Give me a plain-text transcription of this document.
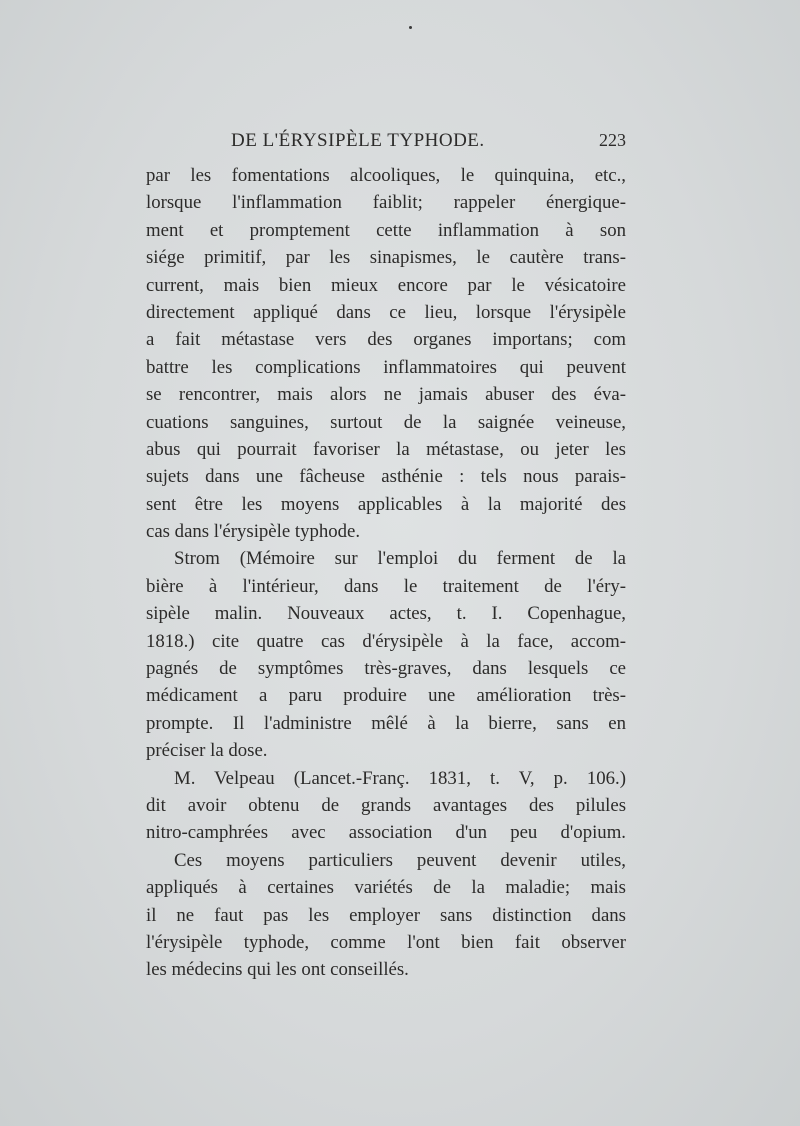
DE L'ÉRYSIPÈLE TYPHODE.	223
par les fomentations alcooliques, le quinquina, etc.,
lorsque l'inflammation faiblit; rappeler énergique-
ment et promptement cette inflammation à son
siége primitif, par les sinapismes, le cautère trans-
current, mais bien mieux encore par le vésicatoire
directement appliqué dans ce lieu, lorsque l'érysipèle
a fait métastase vers des organes importans; com
battre les complications inflammatoires qui peuvent
se rencontrer, mais alors ne jamais abuser des éva-
cuations sanguines, surtout de la saignée veineuse,
abus qui pourrait favoriser la métastase, ou jeter les
sujets dans une fâcheuse asthénie : tels nous parais-
sent être les moyens applicables à la majorité des
cas dans l'érysipèle typhode.
Strom (Mémoire sur l'emploi du ferment de la
bière à l'intérieur, dans le traitement de l'éry-
sipèle malin. Nouveaux actes, t. I. Copenhague,
1818.) cite quatre cas d'érysipèle à la face, accom-
pagnés de symptômes très-graves, dans lesquels ce
médicament a paru produire une amélioration très-
prompte. Il l'administre mêlé à la bierre, sans en
préciser la dose.
M. Velpeau (Lancet.-Franç. 1831, t. V, p. 106.)
dit avoir obtenu de grands avantages des pilules
nitro-camphrées avec association d'un peu d'opium.
Ces moyens particuliers peuvent devenir utiles,
appliqués à certaines variétés de la maladie; mais
il ne faut pas les employer sans distinction dans
l'érysipèle typhode, comme l'ont bien fait observer
les médecins qui les ont conseillés.
